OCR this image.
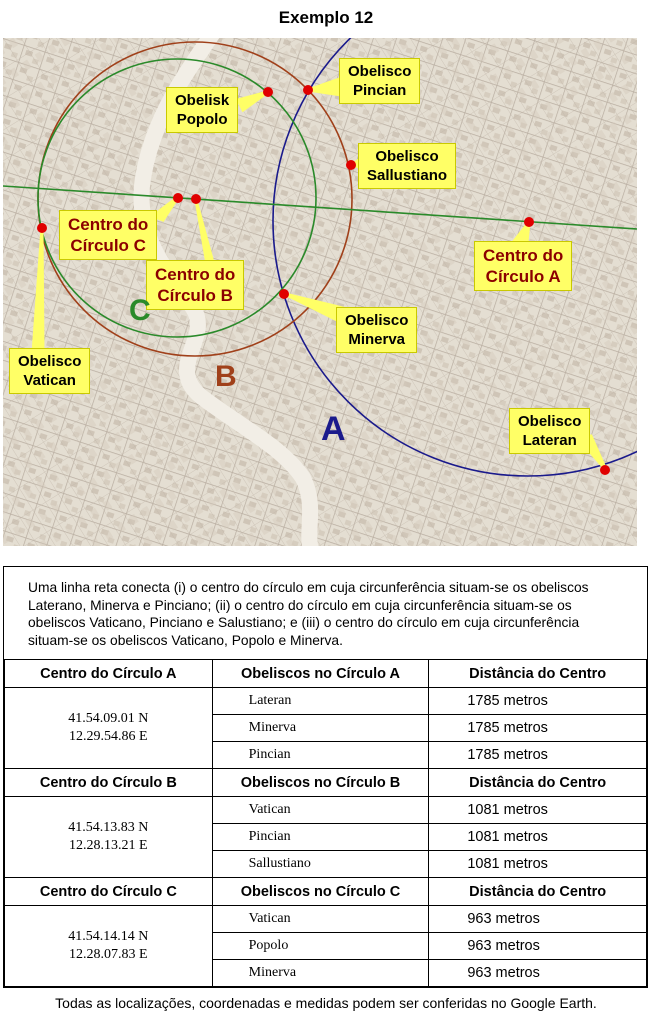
Exemplo 12
Obelisco
Pincian
Obelisk
Popolo
Obelisco
Sallustiano
Centro do
Círculo C
Centro do
Círculo B
Centro do
Círculo A
Obelisco
Minerva
Obelisco
Vatican
Obelisco
Lateran
C
B
A
Uma linha reta conecta (i) o centro do círculo em cuja circunferência situam-se os obeliscos Laterano, Minerva e Pinciano; (ii) o centro do círculo em cuja circunferência situam-se os obeliscos Vaticano, Pinciano e Salustiano; e (iii) o centro do círculo em cuja circunferência situam-se os obeliscos Vaticano, Popolo e Minerva.
Centro do Círculo A	Obeliscos no Círculo A	Distância do Centro

41.54.09.01 N
12.29.54.86 E	Lateran	1785 metros
	Minerva	1785 metros
	Pincian	1785 metros
Centro do Círculo B	Obeliscos no Círculo B	Distância do Centro

41.54.13.83 N
12.28.13.21 E	Vatican	1081 metros
	Pincian	1081 metros
	Sallustiano	1081 metros
Centro do Círculo C	Obeliscos no Círculo C	Distância do Centro

41.54.14.14 N
12.28.07.83 E	Vatican	963 metros
	Popolo	963 metros
	Minerva	963 metros
Todas as localizações, coordenadas e medidas podem ser conferidas no Google Earth.
